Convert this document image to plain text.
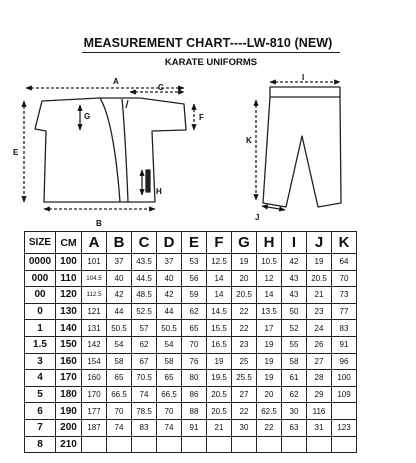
MEASUREMENT CHART----LW-810 (NEW)
KARATE UNIFORMS
A
C
E
F
G
H
B
I
K
J
SIZE	CM	A	B	C	D	E	F	G	H	I	J	K
0000	100	101	37	43.5	37	53	12.5	19	10.5	42	19	64
000	110	104.5	40	44.5	40	56	14	20	12	43	20.5	70
00	120	112.5	42	48.5	42	59	14	20.5	14	43	21	73
0	130	121	44	52.5	44	62	14.5	22	13.5	50	23	77
1	140	131	50.5	57	50.5	65	15.5	22	17	52	24	83
1.5	150	142	54	62	54	70	16.5	23	19	55	26	91
3	160	154	58	67	58	76	19	25	19	58	27	96
4	170	160	65	70.5	65	80	19.5	25.5	19	61	28	100
5	180	170	66.5	74	66.5	86	20.5	27	20	62	29	109
6	190	177	70	78.5	70	88	20.5	22	62.5	30	116	
7	200	187	74	83	74	91	21	30	22	63	31	123
8	210											
